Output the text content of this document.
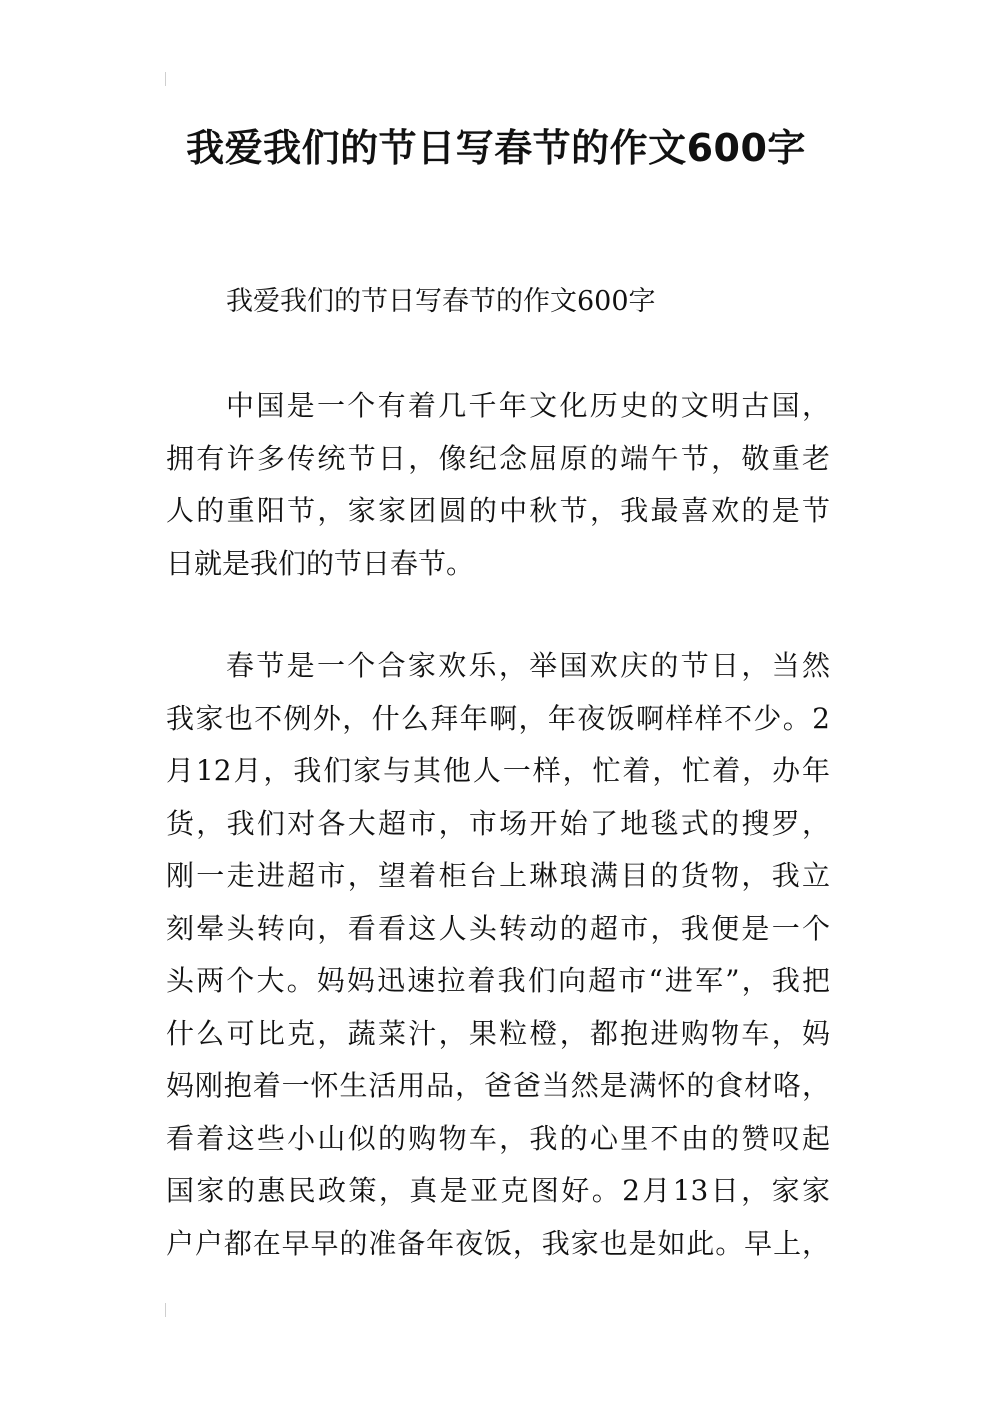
我爱我们的节日写春节的作文600字

我爱我们的节日写春节的作文600字

中国是一个有着几千年文化历史的文明古国，
拥有许多传统节日，像纪念屈原的端午节，敬重老
人的重阳节，家家团圆的中秋节，我最喜欢的是节
日就是我们的节日春节。
春节是一个合家欢乐，举国欢庆的节日，当然
我家也不例外，什么拜年啊，年夜饭啊样样不少。2
月12月，我们家与其他人一样，忙着，忙着，办年
货，我们对各大超市，市场开始了地毯式的搜罗，
刚一走进超市，望着柜台上琳琅满目的货物，我立
刻晕头转向，看看这人头转动的超市，我便是一个
头两个大。妈妈迅速拉着我们向超市“进军”，我把
什么可比克，蔬菜汁，果粒橙，都抱进购物车，妈
妈刚抱着一怀生活用品，爸爸当然是满怀的食材咯，
看着这些小山似的购物车，我的心里不由的赞叹起
国家的惠民政策，真是亚克图好。2月13日，家家
户户都在早早的准备年夜饭，我家也是如此。早上，
